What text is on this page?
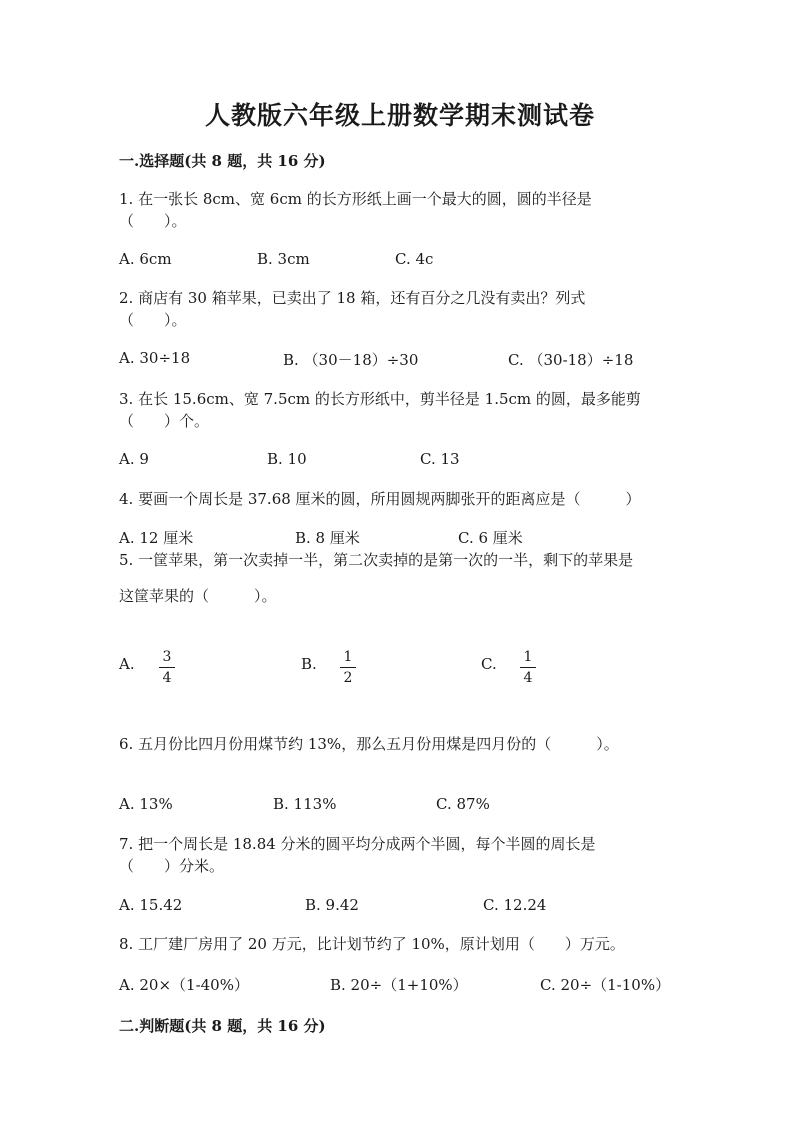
人教版六年级上册数学期末测试卷
一.选择题(共 8 题，共 16 分)
1. 在一张长 8cm、宽 6cm 的长方形纸上画一个最大的圆，圆的半径是
（　　）。
A. 6cm	B. 3cm	C. 4c
2. 商店有 30 箱苹果，已卖出了 18 箱，还有百分之几没有卖出？列式
（　　）。
A. 30÷18	B. （30－18）÷30	C. （30-18）÷18
3. 在长 15.6cm、宽 7.5cm 的长方形纸中，剪半径是 1.5cm 的圆，最多能剪
（　　）个。
A. 9	B. 10	C. 13
4. 要画一个周长是 37.68 厘米的圆，所用圆规两脚张开的距离应是（　　　）
A. 12 厘米	B. 8 厘米	C. 6 厘米
5. 一筐苹果，第一次卖掉一半，第二次卖掉的是第一次的一半，剩下的苹果是
这筐苹果的（　　　）。
A. 3
4
B. 1
2
C. 1
4
6. 五月份比四月份用煤节约 13%，那么五月份用煤是四月份的（　　　）。
A. 13%	B. 113%	C. 87%
7. 把一个周长是 18.84 分米的圆平均分成两个半圆，每个半圆的周长是
（　　）分米。
A. 15.42	B. 9.42	C. 12.24
8. 工厂建厂房用了 20 万元，比计划节约了 10%，原计划用（　　）万元。
A. 20×（1-40%）	B. 20÷（1+10%）	C. 20÷（1-10%）
二.判断题(共 8 题，共 16 分)
